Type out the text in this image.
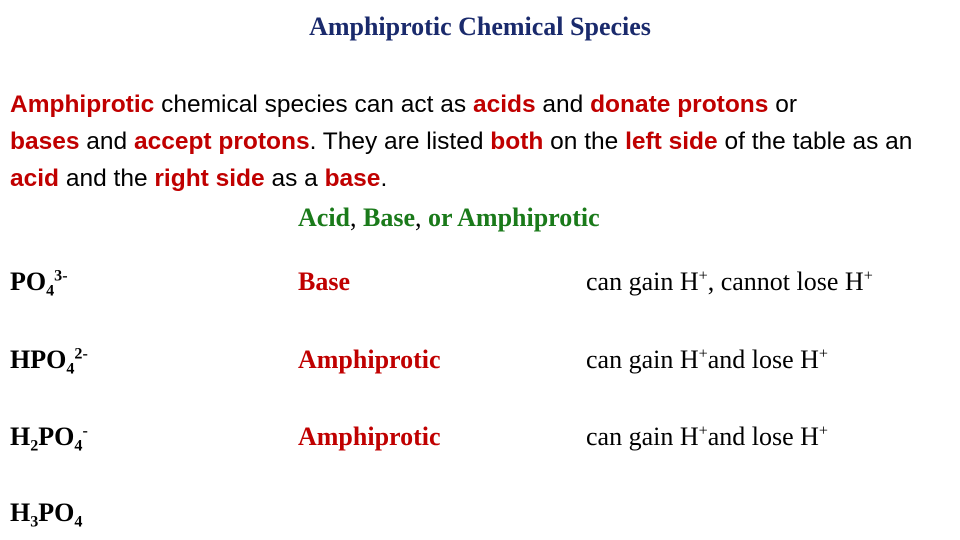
Amphiprotic Chemical Species
Amphiprotic chemical species can act as acids and donate protons or
bases and accept protons. They are listed both on the left side of the table as an acid and the right side as a base.
Acid, Base, or Amphiprotic
$PO_4^{3-}$	Base	can gain H+, cannot lose H+
$HPO_4^{2-}$	Amphiprotic	can gain H+and lose H+
$H_2PO_4^-$	Amphiprotic	can gain H+and lose H+
$H_3PO_4$
